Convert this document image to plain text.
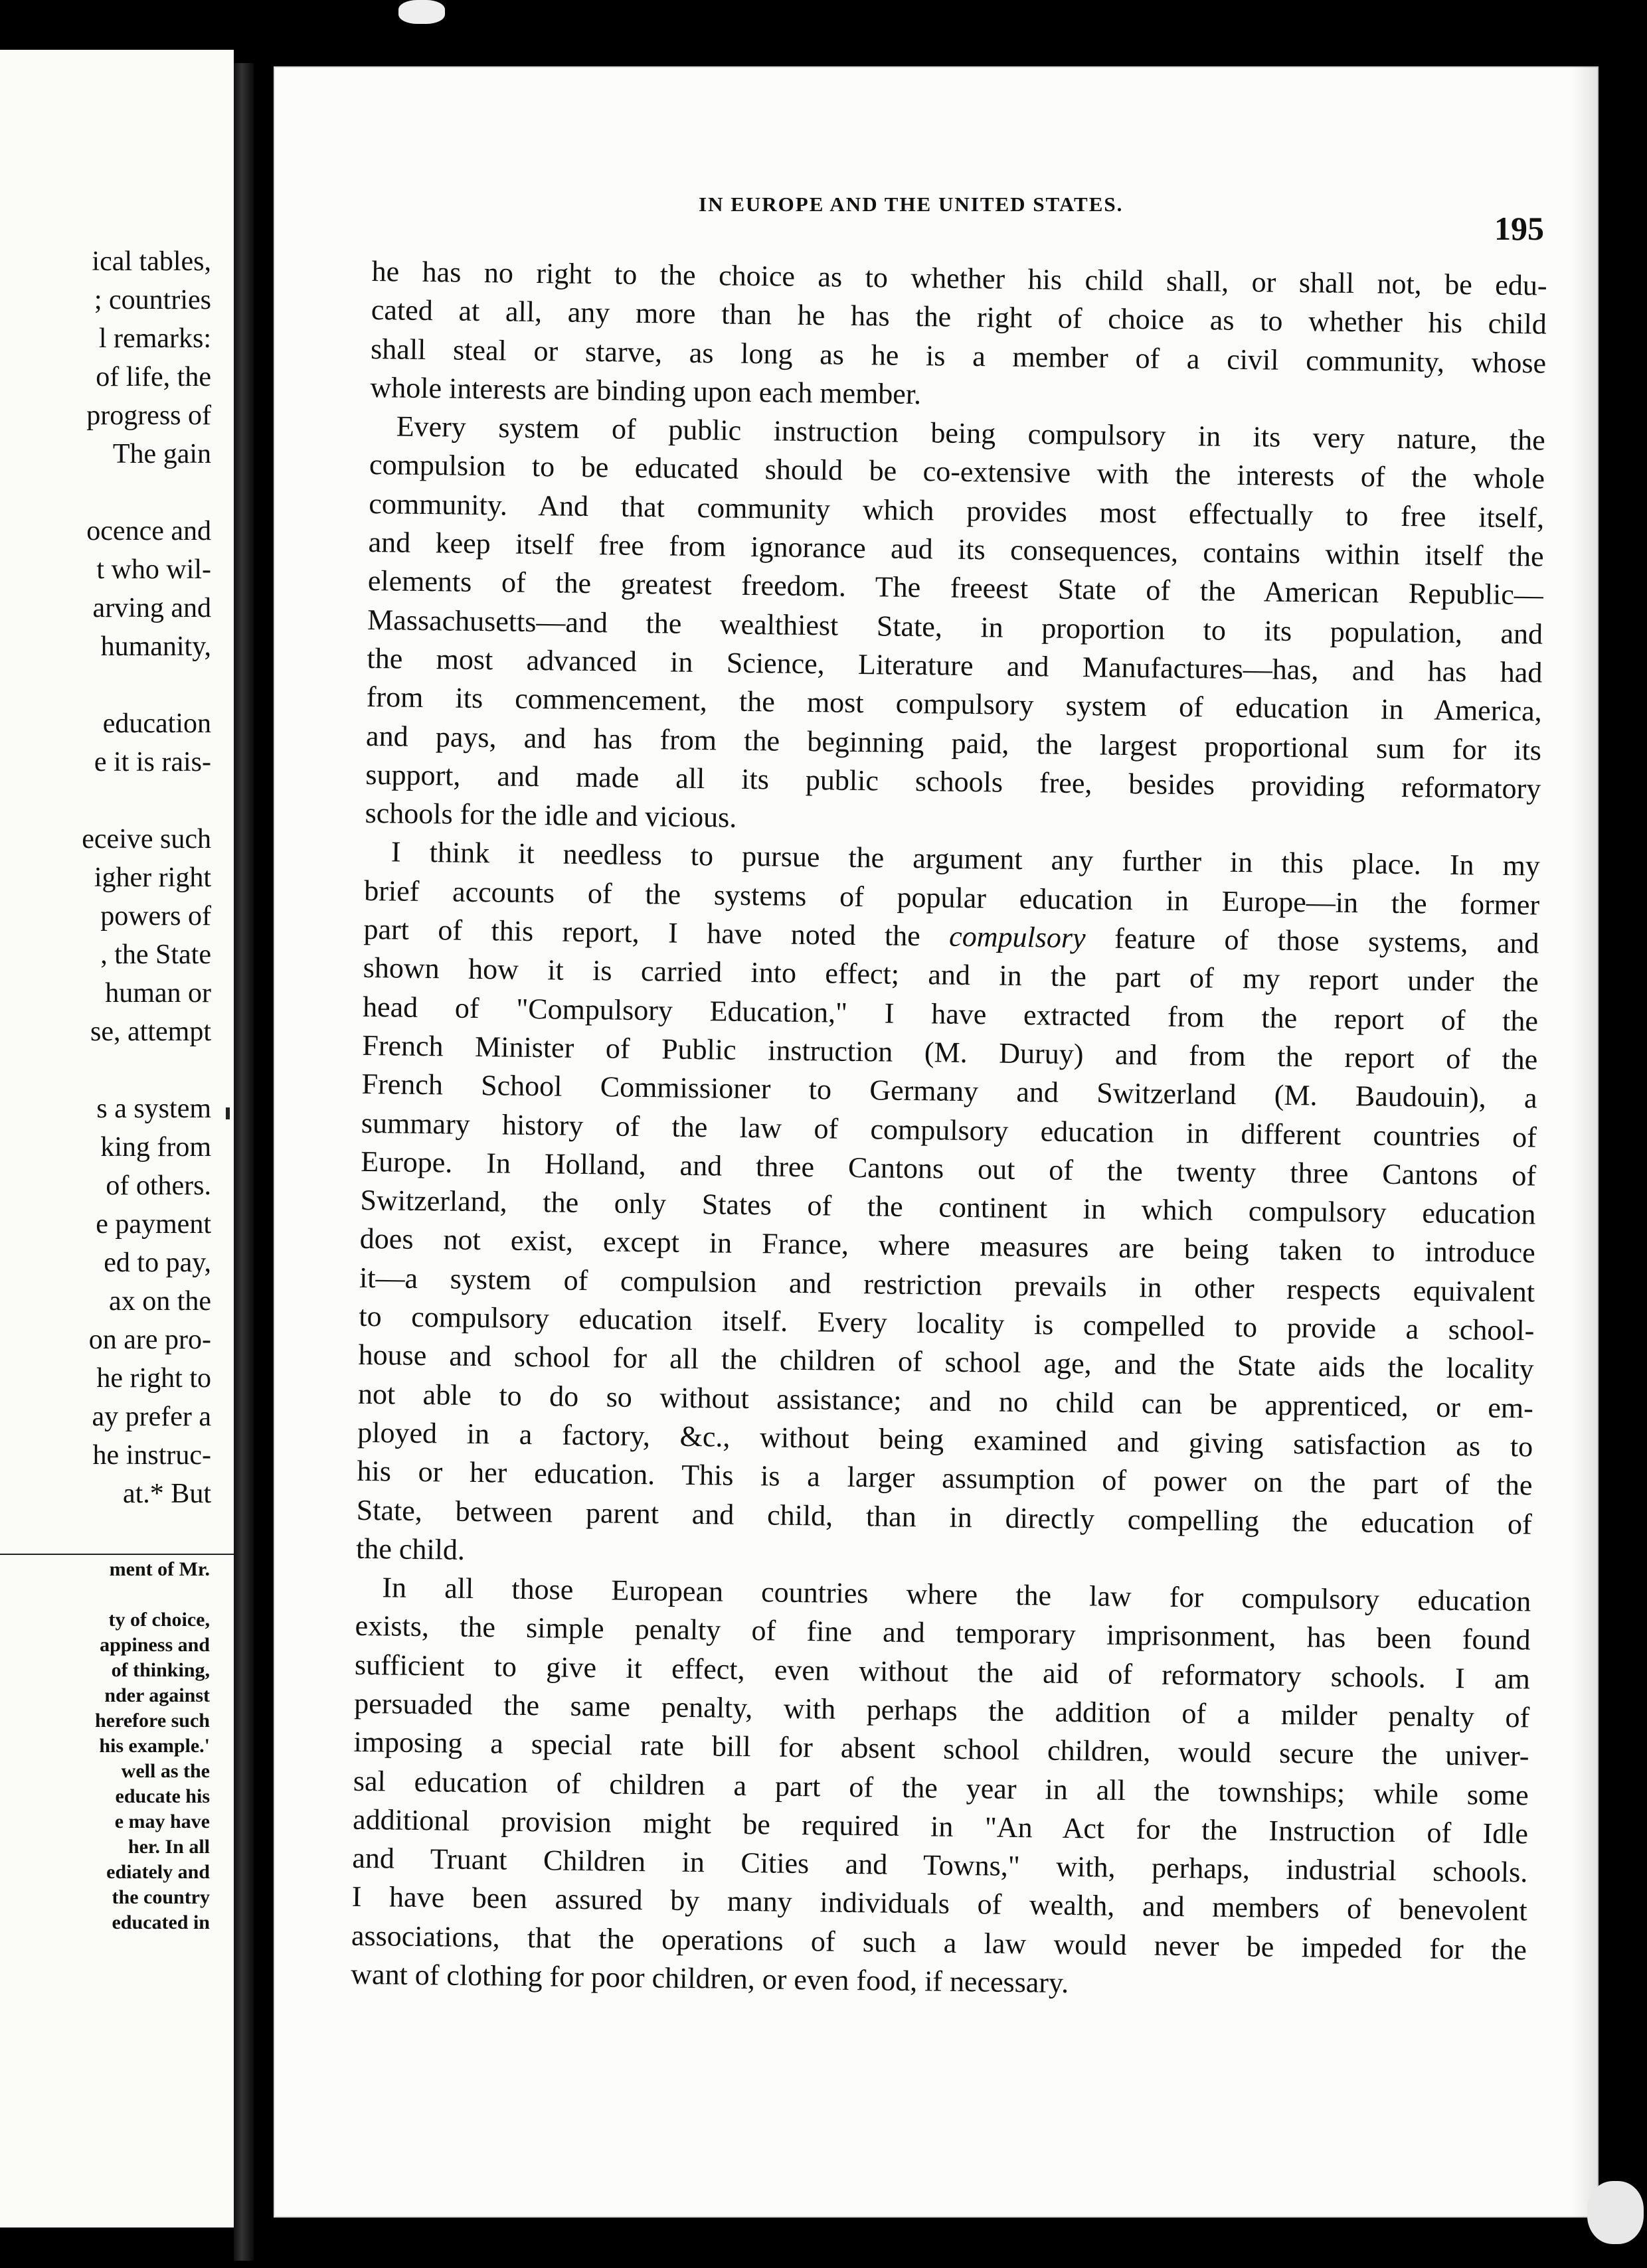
ical tables,
; countries
l remarks:
of life, the
progress of
The gain
ocence and
t who wil-
arving and
humanity,
education
e it is rais-
eceive such
igher right
powers of
, the State
human or
se, attempt
s a system
king from
of others.
e payment
ed to pay,
ax on the
on are pro-
he right to
ay prefer a
he instruc-
at.* But
ment of Mr.
ty of choice,
appiness and
of thinking,
nder against
herefore such
his example.'
well as the
educate his
e may have
her. In all
ediately and
the country
educated in
IN EUROPE AND THE UNITED STATES.
195
he has no right to the choice as to whether his child shall, or shall not, be edu-
cated at all, any more than he has the right of choice as to whether his child
shall steal or starve, as long as he is a member of a civil community, whose
whole interests are binding upon each member.
Every system of public instruction being compulsory in its very nature, the
compulsion to be educated should be co-extensive with the interests of the whole
community. And that community which provides most effectually to free itself,
and keep itself free from ignorance aud its consequences, contains within itself the
elements of the greatest freedom. The freeest State of the American Republic—
Massachusetts—and the wealthiest State, in proportion to its population, and
the most advanced in Science, Literature and Manufactures—has, and has had
from its commencement, the most compulsory system of education in America,
and pays, and has from the beginning paid, the largest proportional sum for its
support, and made all its public schools free, besides providing reformatory
schools for the idle and vicious.
I think it needless to pursue the argument any further in this place. In my
brief accounts of the systems of popular education in Europe—in the former
part of this report, I have noted the compulsory feature of those systems, and
shown how it is carried into effect; and in the part of my report under the
head of "Compulsory Education," I have extracted from the report of the
French Minister of Public instruction (M. Duruy) and from the report of the
French School Commissioner to Germany and Switzerland (M. Baudouin), a
summary history of the law of compulsory education in different countries of
Europe. In Holland, and three Cantons out of the twenty three Cantons of
Switzerland, the only States of the continent in which compulsory education
does not exist, except in France, where measures are being taken to introduce
it—a system of compulsion and restriction prevails in other respects equivalent
to compulsory education itself. Every locality is compelled to provide a school-
house and school for all the children of school age, and the State aids the locality
not able to do so without assistance; and no child can be apprenticed, or em-
ployed in a factory, &c., without being examined and giving satisfaction as to
his or her education. This is a larger assumption of power on the part of the
State, between parent and child, than in directly compelling the education of
the child.
In all those European countries where the law for compulsory education
exists, the simple penalty of fine and temporary imprisonment, has been found
sufficient to give it effect, even without the aid of reformatory schools. I am
persuaded the same penalty, with perhaps the addition of a milder penalty of
imposing a special rate bill for absent school children, would secure the univer-
sal education of children a part of the year in all the townships; while some
additional provision might be required in "An Act for the Instruction of Idle
and Truant Children in Cities and Towns," with, perhaps, industrial schools.
I have been assured by many individuals of wealth, and members of benevolent
associations, that the operations of such a law would never be impeded for the
want of clothing for poor children, or even food, if necessary.
